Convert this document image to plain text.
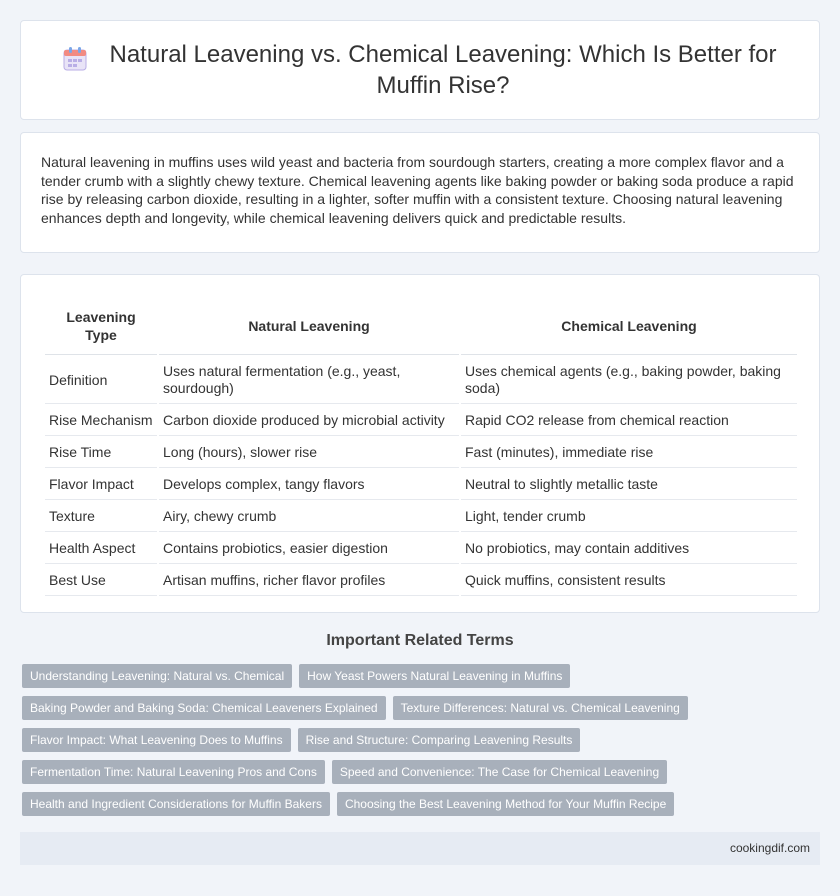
Natural Leavening vs. Chemical Leavening: Which Is Better for Muffin Rise?

Natural leavening in muffins uses wild yeast and bacteria from sourdough starters, creating a more complex flavor and a tender crumb with a slightly chewy texture. Chemical leavening agents like baking powder or baking soda produce a rapid rise by releasing carbon dioxide, resulting in a lighter, softer muffin with a consistent texture. Choosing natural leavening enhances depth and longevity, while chemical leavening delivers quick and predictable results.

Leavening Type	Natural Leavening	Chemical Leavening
Definition	Uses natural fermentation (e.g., yeast, sourdough)	Uses chemical agents (e.g., baking powder, baking soda)
Rise Mechanism	Carbon dioxide produced by microbial activity	Rapid CO2 release from chemical reaction
Rise Time	Long (hours), slower rise	Fast (minutes), immediate rise
Flavor Impact	Develops complex, tangy flavors	Neutral to slightly metallic taste
Texture	Airy, chewy crumb	Light, tender crumb
Health Aspect	Contains probiotics, easier digestion	No probiotics, may contain additives
Best Use	Artisan muffins, richer flavor profiles	Quick muffins, consistent results
Important Related Terms
Understanding Leavening: Natural vs. Chemical	How Yeast Powers Natural Leavening in Muffins
Baking Powder and Baking Soda: Chemical Leaveners Explained	Texture Differences: Natural vs. Chemical Leavening
Flavor Impact: What Leavening Does to Muffins	Rise and Structure: Comparing Leavening Results
Fermentation Time: Natural Leavening Pros and Cons	Speed and Convenience: The Case for Chemical Leavening
Health and Ingredient Considerations for Muffin Bakers	Choosing the Best Leavening Method for Your Muffin Recipe
cookingdif.com
